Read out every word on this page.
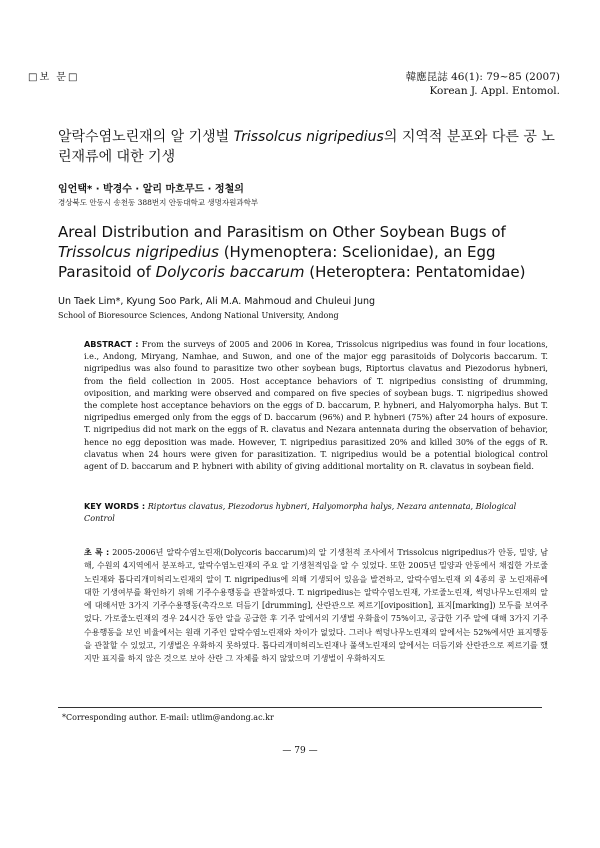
□보 문□	韓應昆誌 46(1): 79~85 (2007)
Korean J. Appl. Entomol.
알락수염노린재의 알 기생벌 Trissolcus nigripedius의 지역적 분포와 다른 공 노린재류에 대한 기생
임언택* · 박경수 · 알리 마흐무드 · 정철의
경상북도 안동시 송천동 388번지 안동대학교 생명자원과학부
Areal Distribution and Parasitism on Other Soybean Bugs of Trissolcus nigripedius (Hymenoptera: Scelionidae), an Egg Parasitoid of Dolycoris baccarum (Heteroptera: Pentatomidae)
Un Taek Lim*, Kyung Soo Park, Ali M.A. Mahmoud and Chuleui Jung
School of Bioresource Sciences, Andong National University, Andong
ABSTRACT : From the surveys of 2005 and 2006 in Korea, Trissolcus nigripedius was found in four locations, i.e., Andong, Miryang, Namhae, and Suwon, and one of the major egg parasitoids of Dolycoris baccarum. T. nigripedius was also found to parasitize two other soybean bugs, Riptortus clavatus and Piezodorus hybneri, from the field collection in 2005. Host acceptance behaviors of T. nigripedius consisting of drumming, oviposition, and marking were observed and compared on five species of soybean bugs. T. nigripedius showed the complete host acceptance behaviors on the eggs of D. baccarum, P. hybneri, and Halyomorpha halys. But T. nigripedius emerged only from the eggs of D. baccarum (96%) and P. hybneri (75%) after 24 hours of exposure. T. nigripedius did not mark on the eggs of R. clavatus and Nezara antennata during the observation of behavior, hence no egg deposition was made. However, T. nigripedius parasitized 20% and killed 30% of the eggs of R. clavatus when 24 hours were given for parasitization. T. nigripedius would be a potential biological control agent of D. baccarum and P. hybneri with ability of giving additional mortality on R. clavatus in soybean field.
KEY WORDS : Riptortus clavatus, Piezodorus hybneri, Halyomorpha halys, Nezara antennata, Biological Control
초 록 : 2005-2006년 알락수염노린재(Dolycoris baccarum)의 알 기생천적 조사에서 Trissolcus nigripedius가 안동, 밀양, 남해, 수원의 4지역에서 분포하고, 알락수염노린재의 주요 알 기생천적임을 알 수 있었다. 또한 2005년 밀양과 안동에서 채집한 가로줄노린재와 톱다리개미허리노린재의 알이 T. nigripedius에 의해 기생되어 있음을 발견하고, 알락수염노린재 외 4종의 콩 노린재류에 대한 기생여부를 확인하기 위해 기주수용행동을 관찰하였다. T. nigripedius는 알락수염노린재, 가로줄노린재, 썩덩나무노린재의 알에 대해서만 3가지 기주수용행동(촉각으로 더듬기 [drumming], 산란관으로 찌르기[oviposition], 표지[marking]) 모두를 보여주었다. 가로줄노린재의 경우 24시간 동안 알을 공급한 후 기주 알에서의 기생벌 우화율이 75%이고, 공급한 기주 알에 대해 3가지 기주수용행동을 보인 비율에서는 원래 기주인 알락수염노린재와 차이가 없었다. 그러나 썩덩나무노린재의 알에서는 52%에서만 표지행동을 관찰할 수 있었고, 기생벌은 우화하지 못하였다. 톱다리개미허리노린재나 풀색노린재의 알에서는 더듬기와 산란관으로 찌르기를 했지만 표지를 하지 않은 것으로 보아 산란 그 자체를 하지 않았으며 기생벌이 우화하지도
*Corresponding author. E-mail: utlim@andong.ac.kr
— 79 —
